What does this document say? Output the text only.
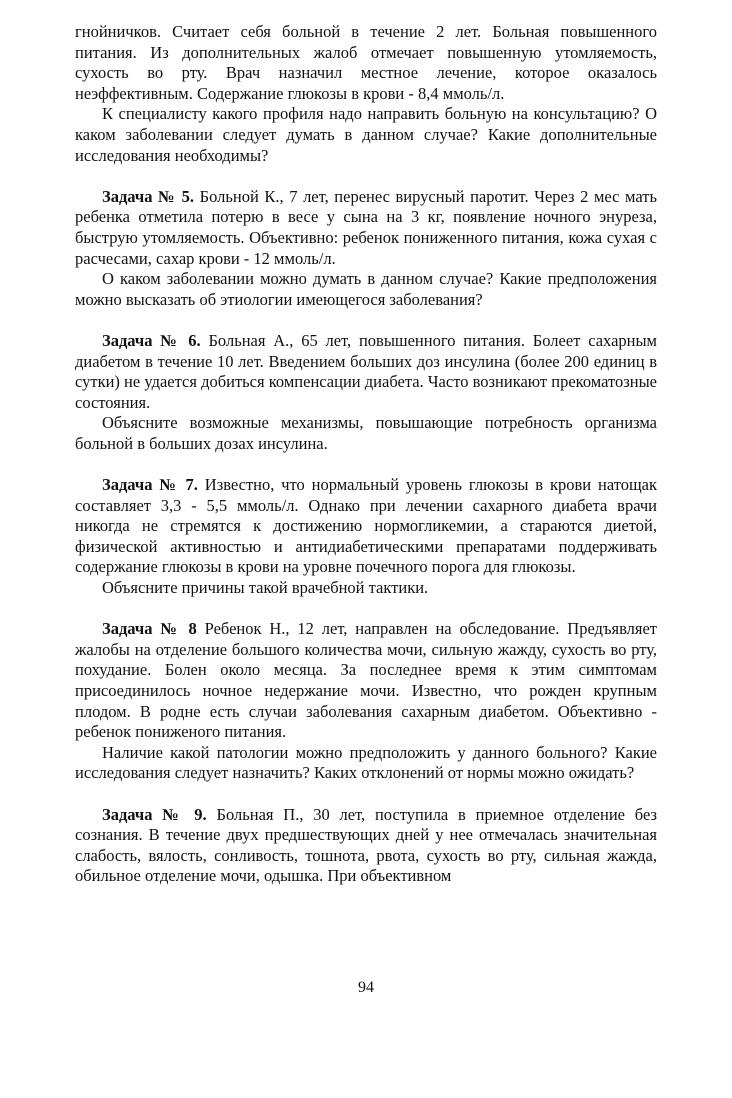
гнойничков. Считает себя больной в течение 2 лет. Больная повышенного питания. Из дополнительных жалоб отмечает повышенную утомляемость, сухость во рту. Врач назначил местное лечение, которое оказалось неэффективным. Содержание глюкозы в крови - 8,4 ммоль/л.

К специалисту какого профиля надо направить больную на консультацию? О каком заболевании следует думать в данном случае? Какие дополнительные исследования необходимы?

Задача № 5. Больной К., 7 лет, перенес вирусный паротит. Через 2 мес мать ребенка отметила потерю в весе у сына на 3 кг, появление ночного энуреза, быструю утомляемость. Объективно: ребенок пониженного питания, кожа сухая с расчесами, сахар крови - 12 ммоль/л.

О каком заболевании можно думать в данном случае? Какие предположения можно высказать об этиологии имеющегося заболевания?

Задача № 6. Больная А., 65 лет, повышенного питания. Болеет сахарным диабетом в течение 10 лет. Введением больших доз инсулина (более 200 единиц в сутки) не удается добиться компенсации диабета. Часто возникают прекоматозные состояния.

Объясните возможные механизмы, повышающие потребность организма больной в больших дозах инсулина.

Задача № 7. Известно, что нормальный уровень глюкозы в крови натощак составляет 3,3 - 5,5 ммоль/л. Однако при лечении сахарного диабета врачи никогда не стремятся к достижению нормогликемии, а стараются диетой, физической активностью и антидиабетическими препаратами поддерживать содержание глюкозы в крови на уровне почечного порога для глюкозы.

Объясните причины такой врачебной тактики.

Задача № 8 Ребенок Н., 12 лет, направлен на обследование. Предъявляет жалобы на отделение большого количества мочи, сильную жажду, сухость во рту, похудание. Болен около месяца. За последнее время к этим симптомам присоединилось ночное недержание мочи. Известно, что рожден крупным плодом. В родне есть случаи заболевания сахарным диабетом. Объективно - ребенок пониженого питания.

Наличие какой патологии можно предположить у данного больного? Какие исследования следует назначить? Каких отклонений от нормы можно ожидать?

Задача № 9. Больная П., 30 лет, поступила в приемное отделение без сознания. В течение двух предшествующих дней у нее отмечалась значительная слабость, вялость, сонливость, тошнота, рвота, сухость во рту, сильная жажда, обильное отделение мочи, одышка. При объективном

94
